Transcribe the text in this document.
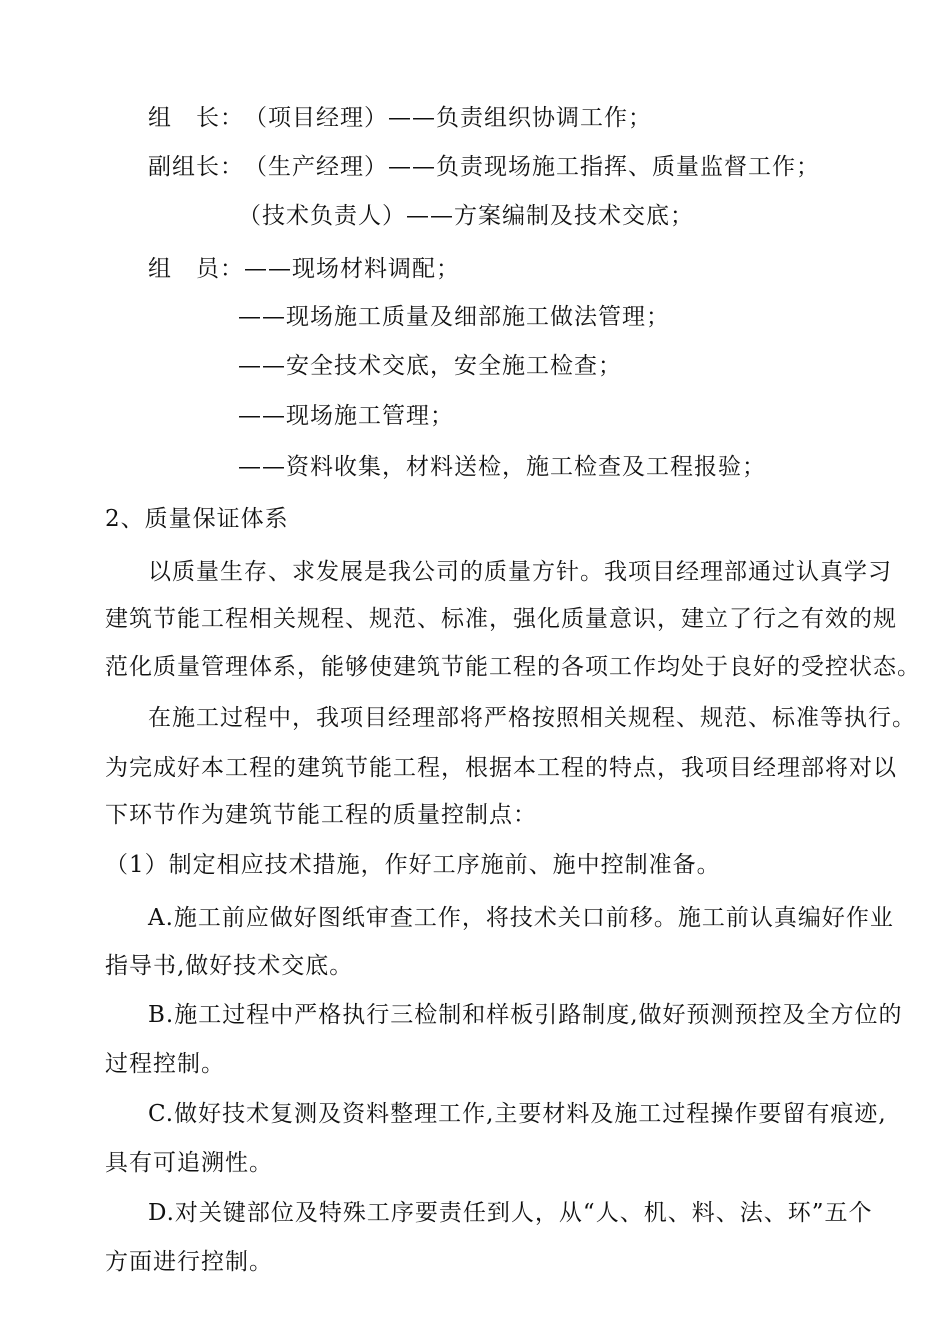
组　长：（项目经理）——负责组织协调工作；
副组长：（生产经理）——负责现场施工指挥、质量监督工作；
（技术负责人）——方案编制及技术交底；
组　员：——现场材料调配；
——现场施工质量及细部施工做法管理；
——安全技术交底，安全施工检查；
——现场施工管理；
——资料收集，材料送检，施工检查及工程报验；
2、质量保证体系
以质量生存、求发展是我公司的质量方针。我项目经理部通过认真学习
建筑节能工程相关规程、规范、标准，强化质量意识，建立了行之有效的规
范化质量管理体系，能够使建筑节能工程的各项工作均处于良好的受控状态。
在施工过程中，我项目经理部将严格按照相关规程、规范、标准等执行。
为完成好本工程的建筑节能工程，根据本工程的特点，我项目经理部将对以
下环节作为建筑节能工程的质量控制点：
（1）制定相应技术措施，作好工序施前、施中控制准备。
A.施工前应做好图纸审查工作，将技术关口前移。施工前认真编好作业
指导书,做好技术交底。
B.施工过程中严格执行三检制和样板引路制度,做好预测预控及全方位的
过程控制。
C.做好技术复测及资料整理工作,主要材料及施工过程操作要留有痕迹,
具有可追溯性。
D.对关键部位及特殊工序要责任到人，从“人、机、料、法、环”五个
方面进行控制。
